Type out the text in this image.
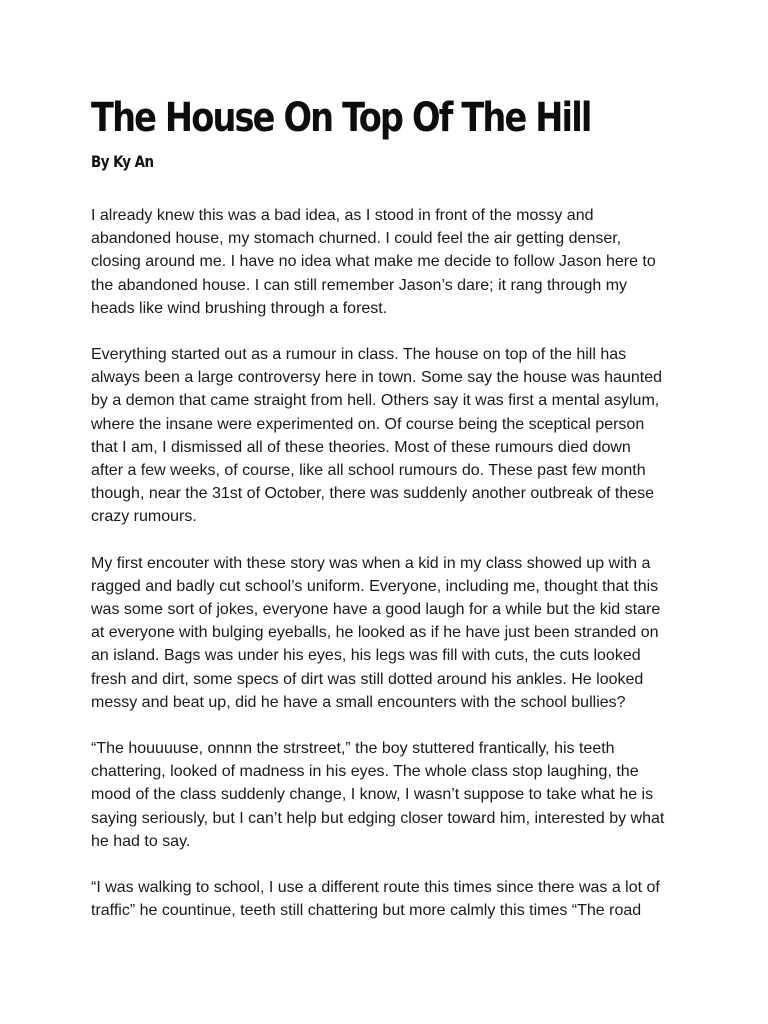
The House On Top Of The Hill
By Ky An

I already knew this was a bad idea, as I stood in front of the mossy and
abandoned house, my stomach churned. I could feel the air getting denser,
closing around me. I have no idea what make me decide to follow Jason here to
the abandoned house. I can still remember Jason’s dare; it rang through my
heads like wind brushing through a forest.

Everything started out as a rumour in class. The house on top of the hill has
always been a large controversy here in town. Some say the house was haunted
by a demon that came straight from hell. Others say it was first a mental asylum,
where the insane were experimented on. Of course being the sceptical person
that I am, I dismissed all of these theories. Most of these rumours died down
after a few weeks, of course, like all school rumours do. These past few month
though, near the 31st of October, there was suddenly another outbreak of these
crazy rumours.

My first encouter with these story was when a kid in my class showed up with a
ragged and badly cut school’s uniform. Everyone, including me, thought that this
was some sort of jokes, everyone have a good laugh for a while but the kid stare
at everyone with bulging eyeballs, he looked as if he have just been stranded on
an island. Bags was under his eyes, his legs was fill with cuts, the cuts looked
fresh and dirt, some specs of dirt was still dotted around his ankles. He looked
messy and beat up, did he have a small encounters with the school bullies?

“The houuuuse, onnnn the strstreet,” the boy stuttered frantically, his teeth
chattering, looked of madness in his eyes. The whole class stop laughing, the
mood of the class suddenly change, I know, I wasn’t suppose to take what he is
saying seriously, but I can’t help but edging closer toward him, interested by what
he had to say.

“I was walking to school, I use a different route this times since there was a lot of
traffic” he countinue, teeth still chattering but more calmly this times “The road
